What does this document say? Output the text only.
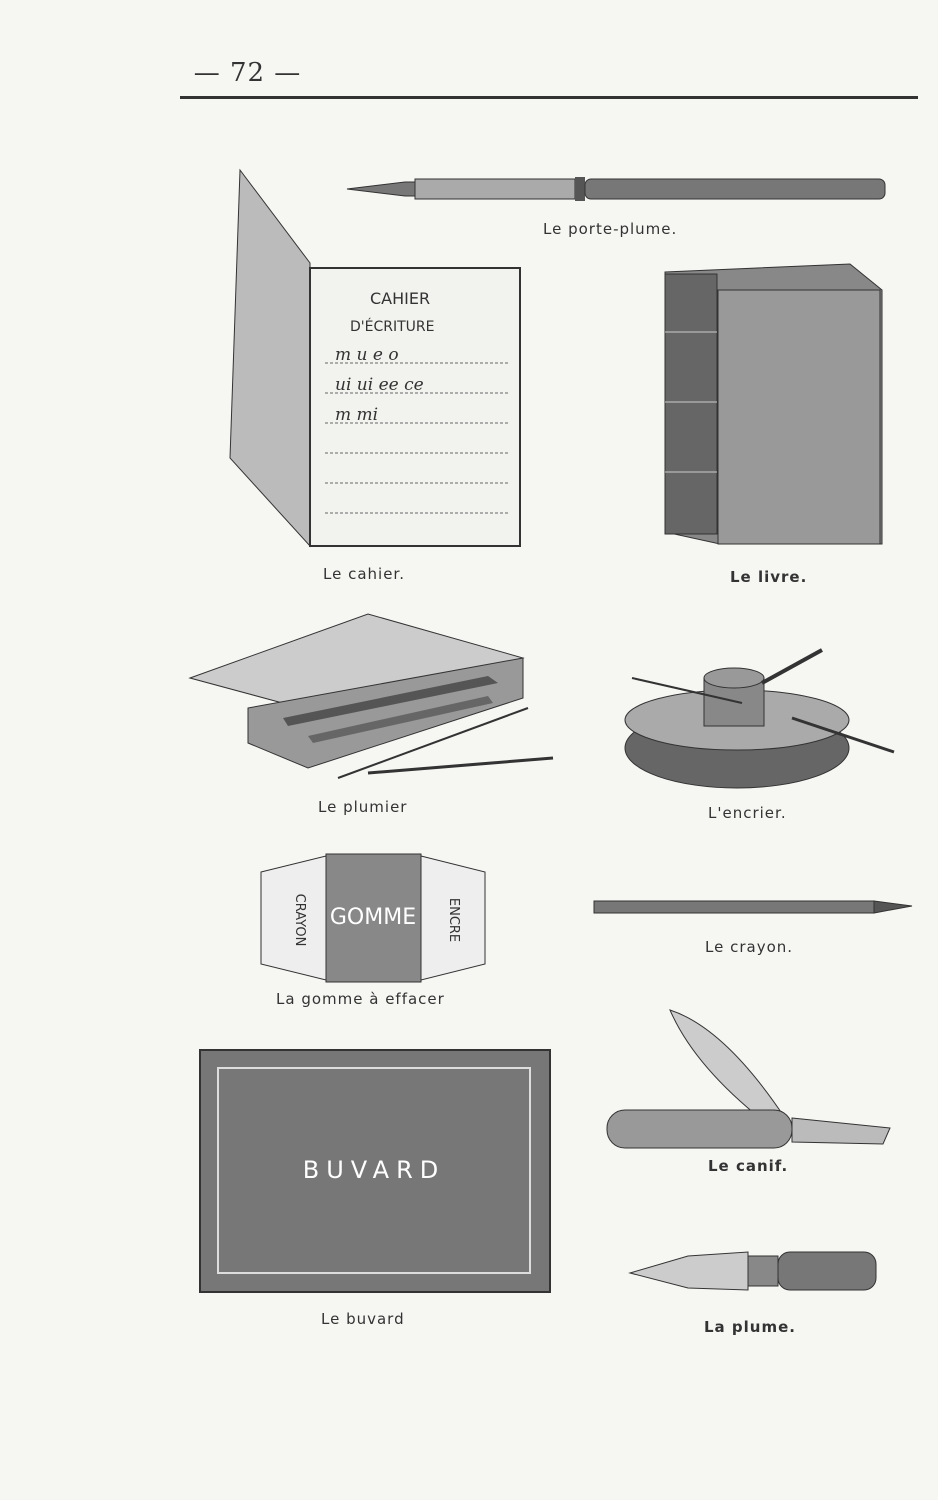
— 72 —
Le porte-plume.
CAHIER
D'ÉCRITURE
m u e o
ui ui ee ce
m mi
Le cahier.	Le livre.
Le plumier	L'encrier.
CRAYON GOMME ENCRE
La gomme à effacer
Le crayon.
BUVARD
Le buvard
Le canif.
La plume.
